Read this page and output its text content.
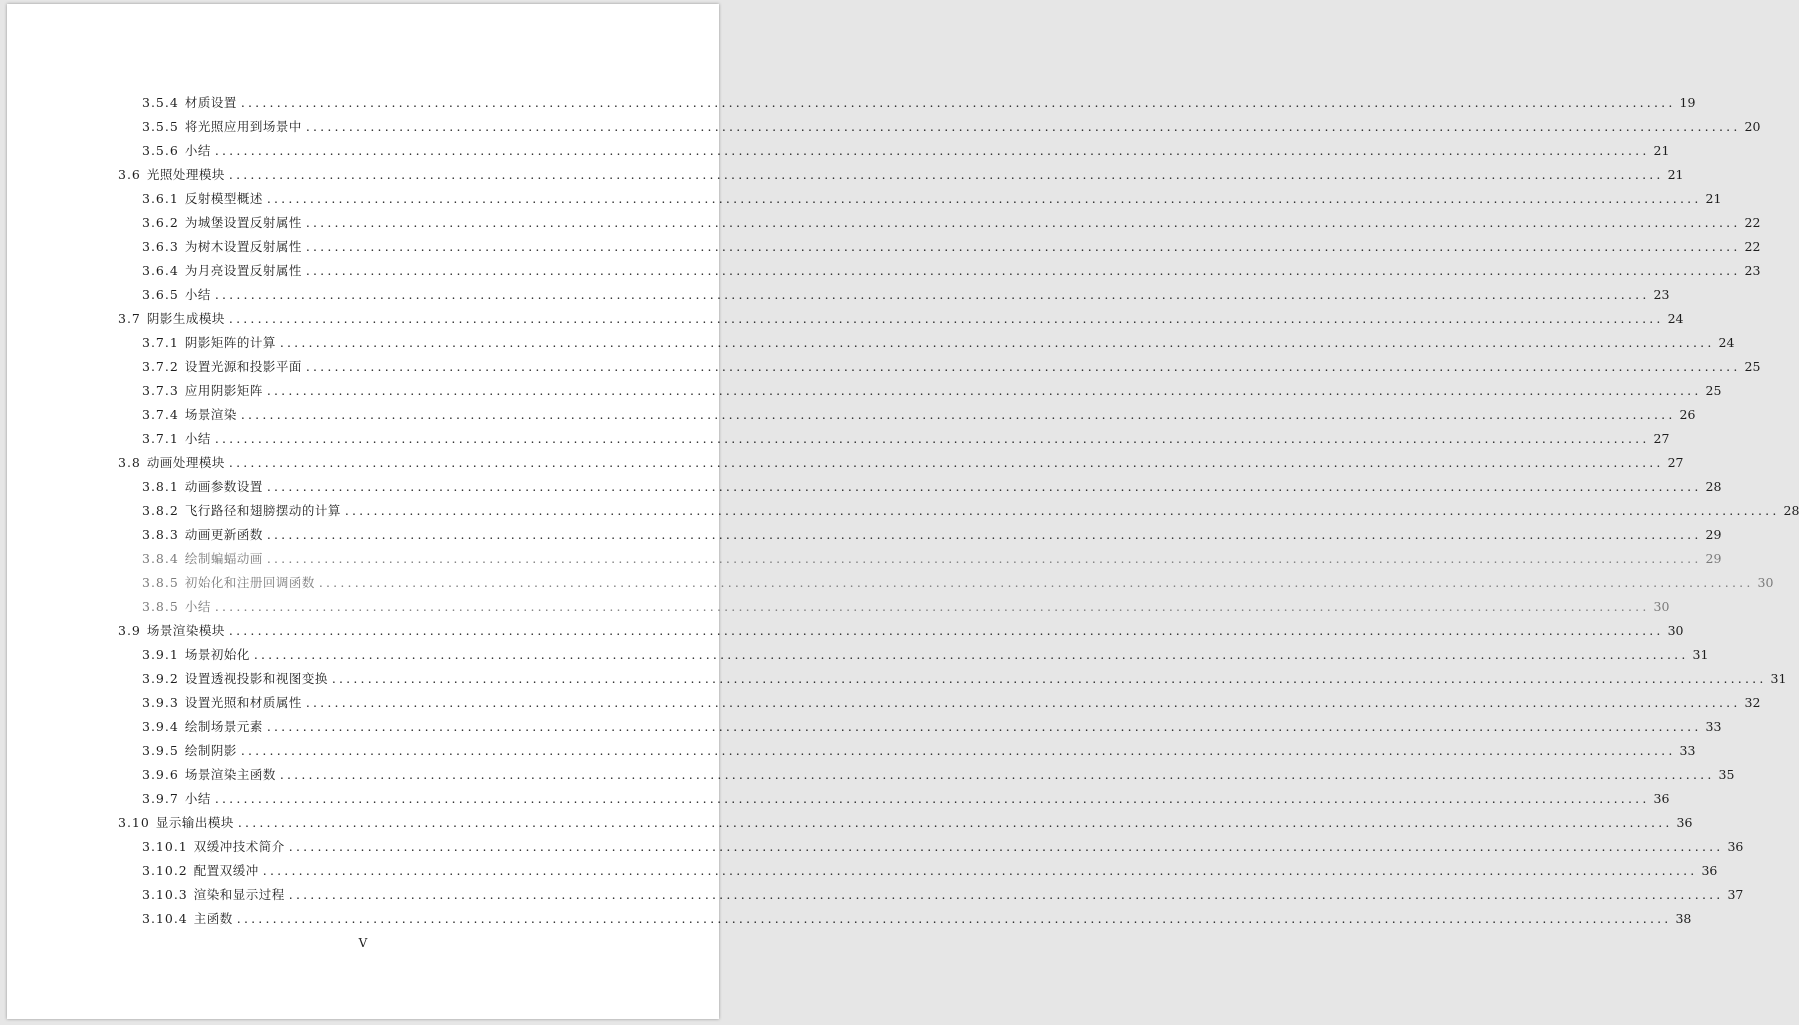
3.5.4 材质设置 ........................................................................................................................................................................................................ 19
3.5.5 将光照应用到场景中 ........................................................................................................................................................................................................ 20
3.5.6 小结 ........................................................................................................................................................................................................ 21
3.6 光照处理模块 ........................................................................................................................................................................................................ 21
3.6.1 反射模型概述 ........................................................................................................................................................................................................ 21
3.6.2 为城堡设置反射属性 ........................................................................................................................................................................................................ 22
3.6.3 为树木设置反射属性 ........................................................................................................................................................................................................ 22
3.6.4 为月亮设置反射属性 ........................................................................................................................................................................................................ 23
3.6.5 小结 ........................................................................................................................................................................................................ 23
3.7 阴影生成模块 ........................................................................................................................................................................................................ 24
3.7.1 阴影矩阵的计算 ........................................................................................................................................................................................................ 24
3.7.2 设置光源和投影平面 ........................................................................................................................................................................................................ 25
3.7.3 应用阴影矩阵 ........................................................................................................................................................................................................ 25
3.7.4 场景渲染 ........................................................................................................................................................................................................ 26
3.7.1 小结 ........................................................................................................................................................................................................ 27
3.8 动画处理模块 ........................................................................................................................................................................................................ 27
3.8.1 动画参数设置 ........................................................................................................................................................................................................ 28
3.8.2 飞行路径和翅膀摆动的计算 ........................................................................................................................................................................................................ 28
3.8.3 动画更新函数 ........................................................................................................................................................................................................ 29
3.8.4 绘制蝙蝠动画 ........................................................................................................................................................................................................ 29
3.8.5 初始化和注册回调函数 ........................................................................................................................................................................................................ 30
3.8.5 小结 ........................................................................................................................................................................................................ 30
3.9 场景渲染模块 ........................................................................................................................................................................................................ 30
3.9.1 场景初始化 ........................................................................................................................................................................................................ 31
3.9.2 设置透视投影和视图变换 ........................................................................................................................................................................................................ 31
3.9.3 设置光照和材质属性 ........................................................................................................................................................................................................ 32
3.9.4 绘制场景元素 ........................................................................................................................................................................................................ 33
3.9.5 绘制阴影 ........................................................................................................................................................................................................ 33
3.9.6 场景渲染主函数 ........................................................................................................................................................................................................ 35
3.9.7 小结 ........................................................................................................................................................................................................ 36
3.10 显示输出模块 ........................................................................................................................................................................................................ 36
3.10.1 双缓冲技术简介 ........................................................................................................................................................................................................ 36
3.10.2 配置双缓冲 ........................................................................................................................................................................................................ 36
3.10.3 渲染和显示过程 ........................................................................................................................................................................................................ 37
3.10.4 主函数 ........................................................................................................................................................................................................ 38
V
